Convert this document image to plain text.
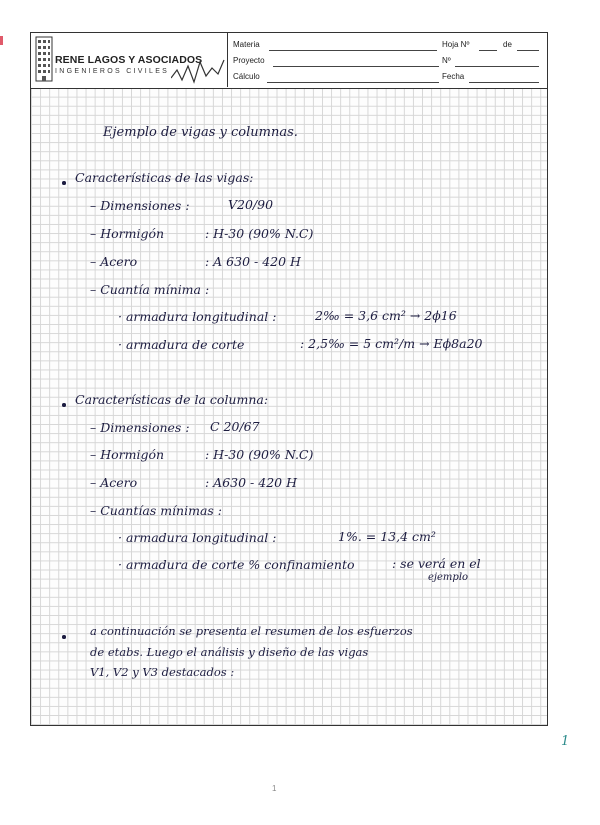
RENE LAGOS Y ASOCIADOS
INGENIEROS CIVILES
Materia	Hoja Nº	de
Proyecto	Nº
Cálculo	Fecha
Ejemplo de vigas y columnas.
Características de las vigas:
– Dimensiones :	V20/90
– Hormigón	: H-30 (90% N.C)
– Acero	: A 630 - 420 H
– Cuantía mínima :
· armadura longitudinal :	2‰ = 3,6 cm² → 2ϕ16
· armadura de corte	: 2,5‰ = 5 cm²/m → Eϕ8a20
Características de la columna:
– Dimensiones : C 20/67
– Hormigón	: H-30 (90% N.C)
– Acero	: A630 - 420 H
– Cuantías mínimas :
· armadura longitudinal :	1%. = 13,4 cm²
· armadura de corte % confinamiento	: se verá en el
ejemplo
a continuación se presenta el resumen de los esfuerzos
de etabs. Luego el análisis y diseño de las vigas
V1, V2 y V3 destacados :
1
1
